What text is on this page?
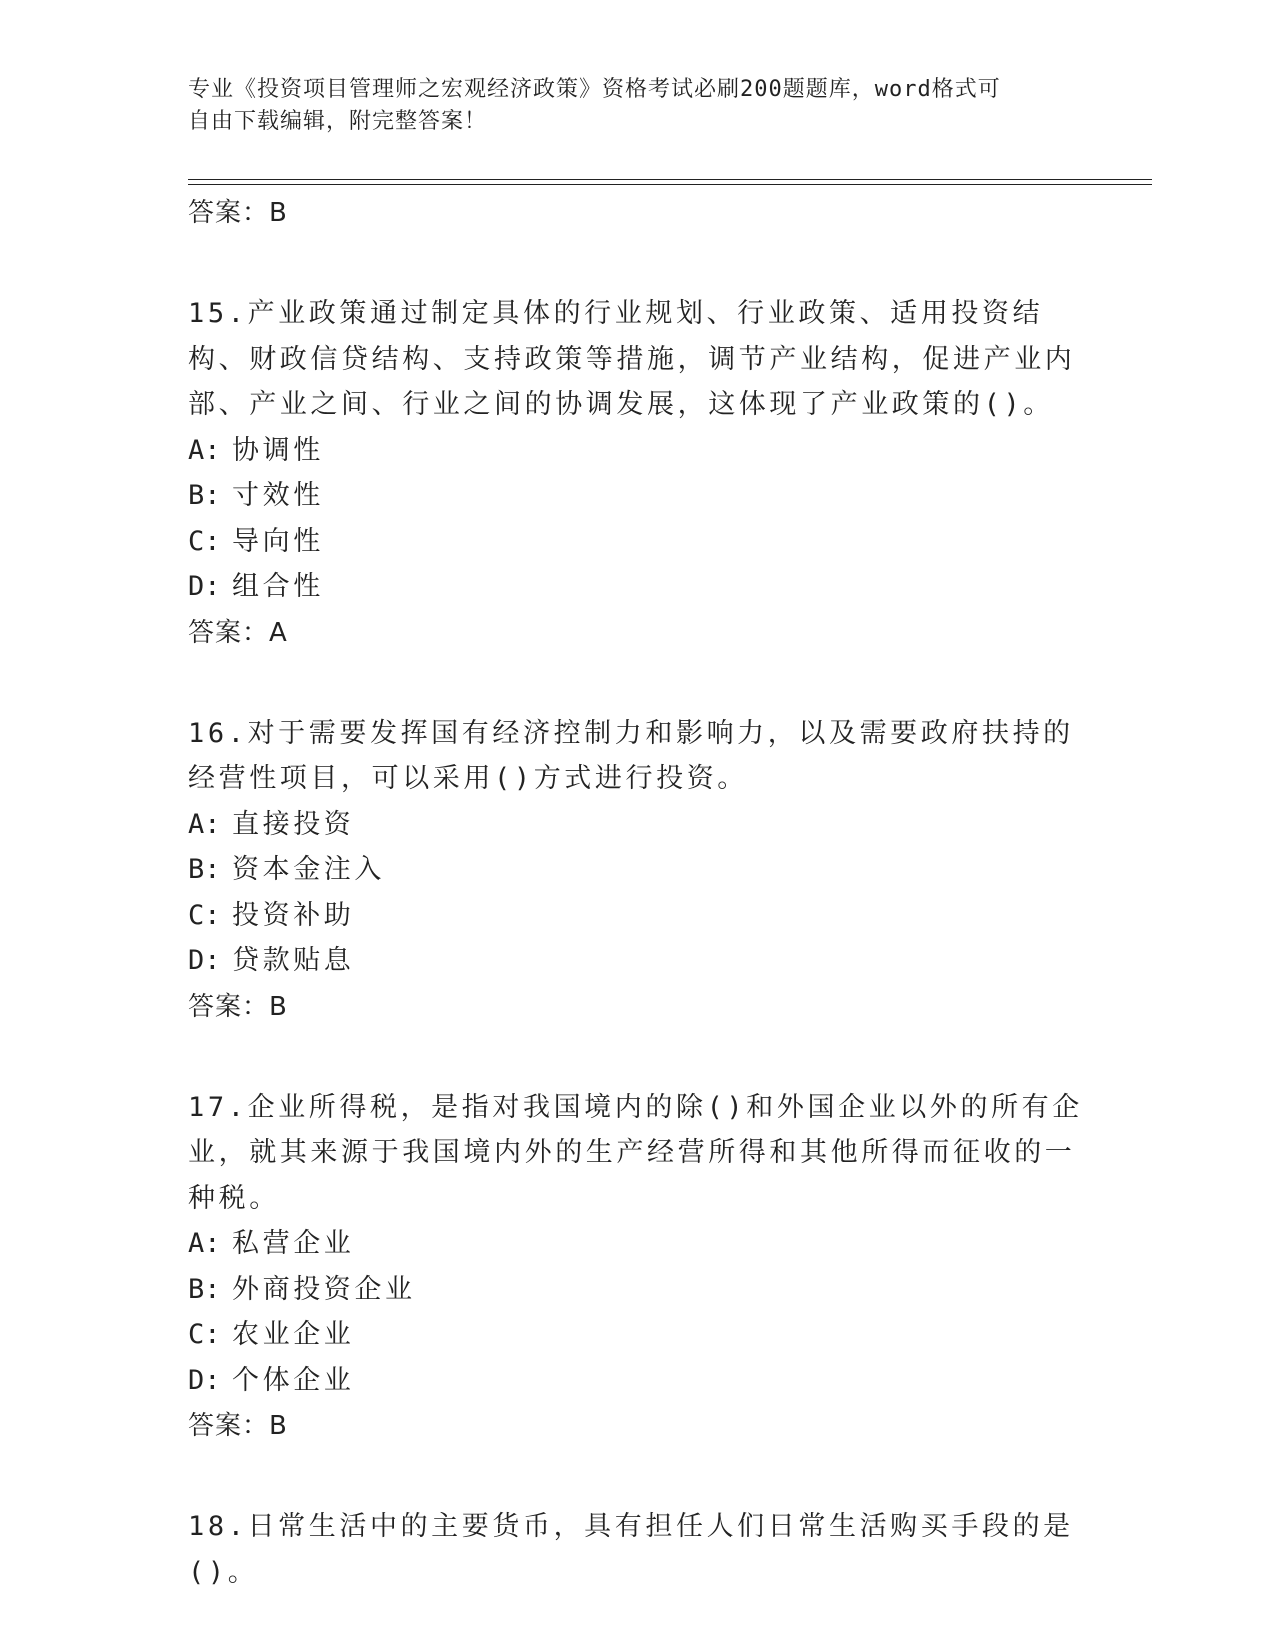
专业《投资项目管理师之宏观经济政策》资格考试必刷200题题库，word格式可
自由下载编辑，附完整答案！
答案：B
15.产业政策通过制定具体的行业规划、行业政策、适用投资结构、财政信贷结构、支持政策等措施，调节产业结构，促进产业内部、产业之间、行业之间的协调发展，这体现了产业政策的()。
A: 协调性
B: 寸效性
C: 导向性
D: 组合性
答案：A
16.对于需要发挥国有经济控制力和影响力，以及需要政府扶持的经营性项目，可以采用()方式进行投资。
A: 直接投资
B: 资本金注入
C: 投资补助
D: 贷款贴息
答案：B
17.企业所得税，是指对我国境内的除()和外国企业以外的所有企业，就其来源于我国境内外的生产经营所得和其他所得而征收的一种税。
A: 私营企业
B: 外商投资企业
C: 农业企业
D: 个体企业
答案：B
18.日常生活中的主要货币，具有担任人们日常生活购买手段的是()。
